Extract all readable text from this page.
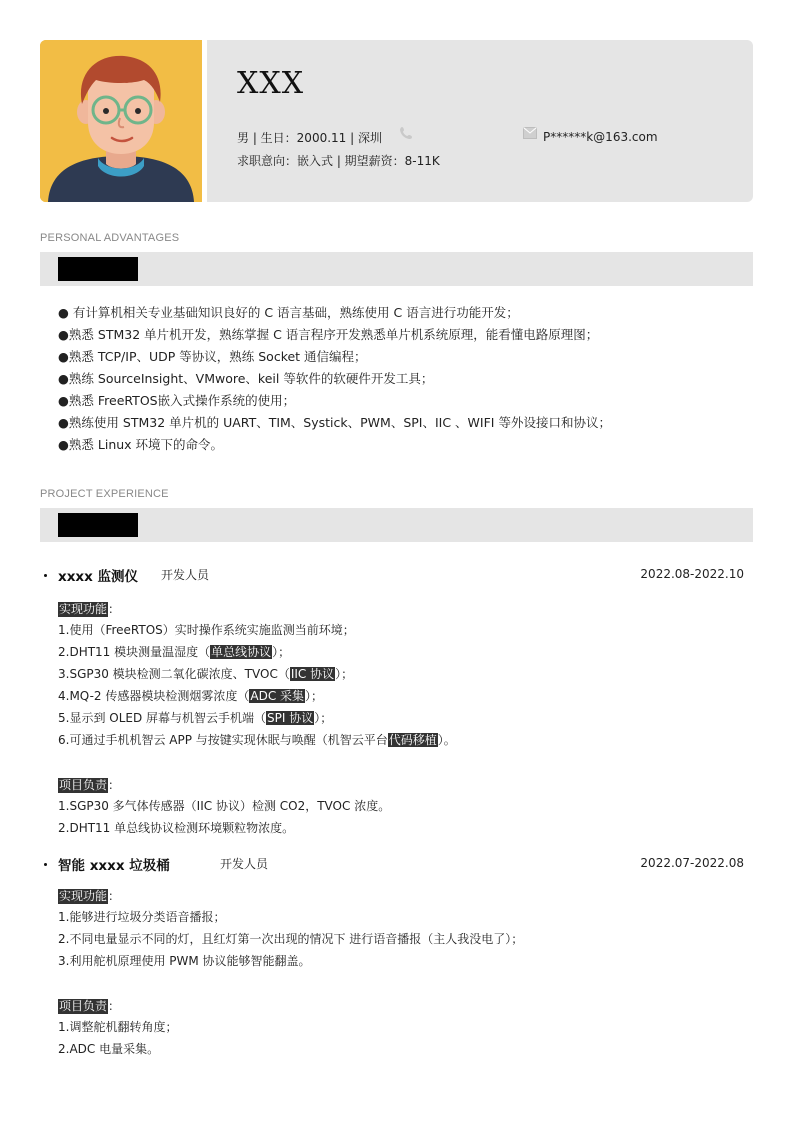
XXX
男 | 生日：2000.11 | 深圳	P******k@163.com
求职意向：嵌入式 | 期望薪资：8-11K
PERSONAL ADVANTAGES
● 有计算机相关专业基础知识良好的 C 语言基础，熟练使用 C 语言进行功能开发；
●熟悉 STM32 单片机开发，熟练掌握 C 语言程序开发熟悉单片机系统原理，能看懂电路原理图；
●熟悉 TCP/IP、UDP 等协议，熟练 Socket 通信编程；
●熟练 SourceInsight、VMwore、keil 等软件的软硬件开发工具；
●熟悉 FreeRTOS嵌入式操作系统的使用；
●熟练使用 STM32 单片机的 UART、TIM、Systick、PWM、SPI、IIC 、WIFI 等外设接口和协议；
●熟悉 Linux 环境下的命令。
PROJECT EXPERIENCE
xxxx 监测仪 开发人员	2022.08-2022.10
实现功能：
1.使用（FreeRTOS）实时操作系统实施监测当前环境；
2.DHT11 模块测量温湿度（单总线协议）；
3.SGP30 模块检测二氧化碳浓度、TVOC（IIC 协议）；
4.MQ-2 传感器模块检测烟雾浓度（ADC 采集）；
5.显示到 OLED 屏幕与机智云手机端（SPI 协议）；
6.可通过手机机智云 APP 与按键实现休眠与唤醒（机智云平台代码移植）。
项目负责：
1.SGP30 多气体传感器（IIC 协议）检测 CO2，TVOC 浓度。
2.DHT11 单总线协议检测环境颗粒物浓度。
智能 xxxx 垃圾桶	开发人员	2022.07-2022.08
实现功能：
1.能够进行垃圾分类语音播报；
2.不同电量显示不同的灯，且红灯第一次出现的情况下 进行语音播报（主人我没电了）；
3.利用舵机原理使用 PWM 协议能够智能翻盖。
项目负责：
1.调整舵机翻转角度；
2.ADC 电量采集。
